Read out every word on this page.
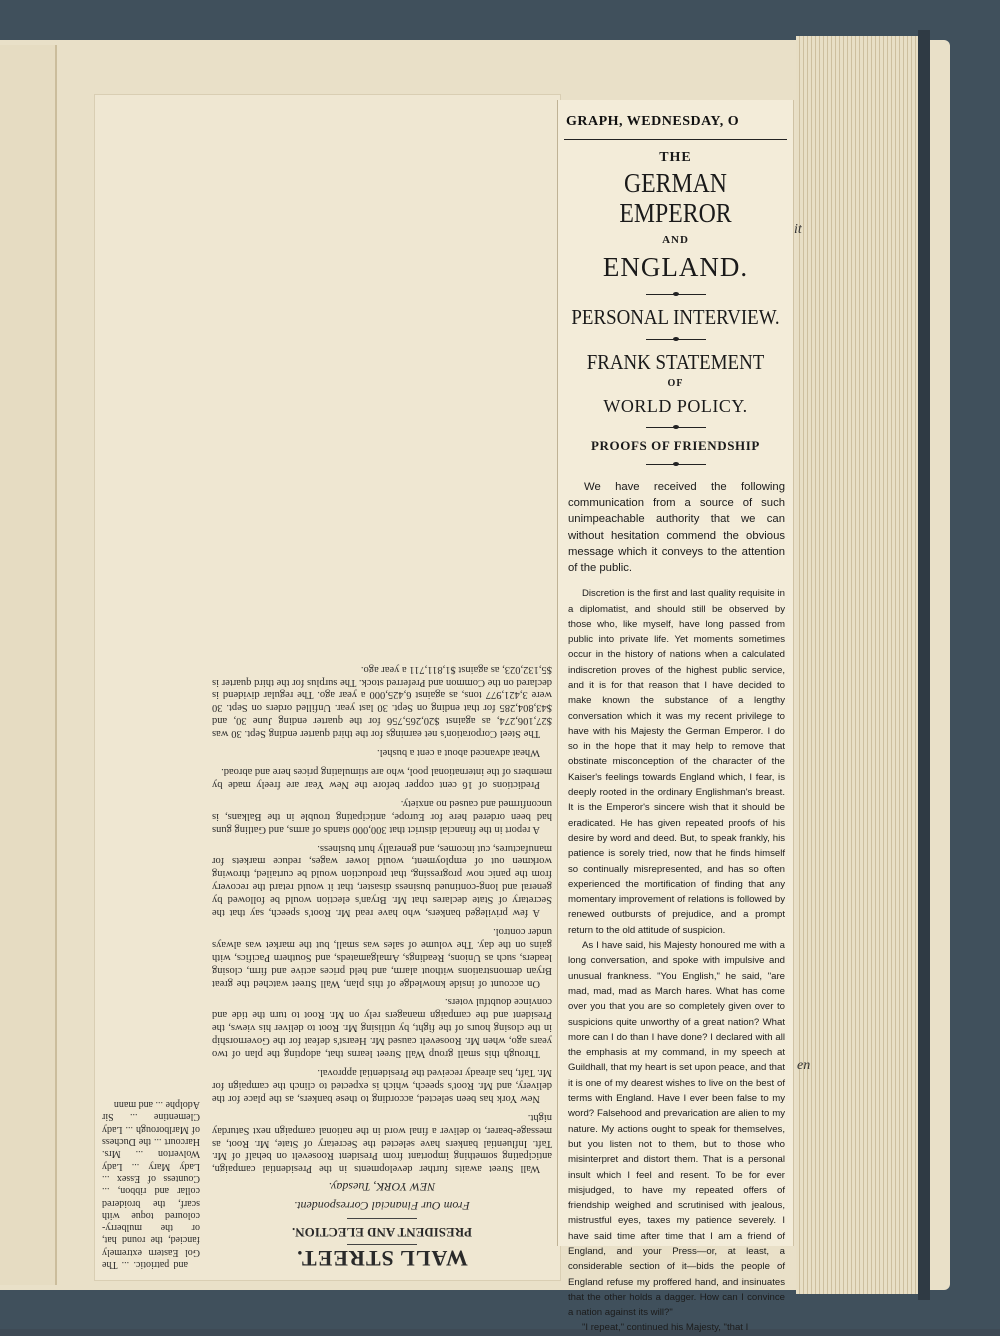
it
en
WALL STREET.
PRESIDENT AND ELECTION.
From Our Financial Correspondent.
NEW YORK, Tuesday.

Wall Street awaits further developments in the Presidential campaign, anticipating something important from President Roosevelt on behalf of Mr. Taft. Influential bankers have selected the Secretary of State, Mr. Root, as message-bearer, to deliver a final word in the national campaign next Saturday night.

New York has been selected, according to these bankers, as the place for the delivery, and Mr. Root's speech, which is expected to clinch the campaign for Mr. Taft, has already received the Presidential approval.

Through this small group Wall Street learns that, adopting the plan of two years ago, when Mr. Roosevelt caused Mr. Hearst's defeat for the Governorship in the closing hours of the fight, by utilising Mr. Root to deliver his views, the President and the campaign managers rely on Mr. Root to turn the tide and convince doubtful voters.

On account of inside knowledge of this plan, Wall Street watched the great Bryan demonstrations without alarm, and held prices active and firm, closing leaders, such as Unions, Readings, Amalgamateds, and Southern Pacifics, with gains on the day. The volume of sales was small, but the market was always under control.

A few privileged bankers, who have read Mr. Root's speech, say that the Secretary of State declares that Mr. Bryan's election would be followed by general and long-continued business disaster, that it would retard the recovery from the panic now progressing, that production would be curtailed, throwing workmen out of employment, would lower wages, reduce markets for manufactures, cut incomes, and generally hurt business.

A report in the financial district that 300,000 stands of arms, and Gatling guns had been ordered here for Europe, anticipating trouble in the Balkans, is unconfirmed and caused no anxiety.

Predictions of 16 cent copper before the New Year are freely made by members of the international pool, who are stimulating prices here and abroad.

Wheat advanced about a cent a bushel.

The Steel Corporation's net earnings for the third quarter ending Sept. 30 was $27,106,274, as against $20,265,756 for the quarter ending June 30, and $43,804,285 for that ending on Sept. 30 last year. Unfilled orders on Sept. 30 were 3,421,977 tons, as against 6,425,000 a year ago. The regular dividend is declared on the Common and Preferred stock. The surplus for the third quarter is $5,132,023, as against $1,811,711 a year ago.

and patriotic. ... The Gol Eastern extremely fancied, the round hat, or the mulberry-coloured toque with scarf, the broidered collar and ribbon, ... Countess of Essex ... Lady Mary ... Lady Wolverton ... Mrs. Harcourt ... the Duchess of Marlborough ... Lady Clementine ... Sir Adolphe ... and mann

GRAPH, WEDNESDAY, O
THE
GERMAN EMPEROR
AND
ENGLAND.
PERSONAL INTERVIEW.
FRANK STATEMENT
OF
WORLD POLICY.
PROOFS OF FRIENDSHIP
We have received the following communication from a source of such unimpeachable authority that we can without hesitation commend the obvious message which it conveys to the attention of the public.

Discretion is the first and last quality requisite in a diplomatist, and should still be observed by those who, like myself, have long passed from public into private life. Yet moments sometimes occur in the history of nations when a calculated indiscretion proves of the highest public service, and it is for that reason that I have decided to make known the substance of a lengthy conversation which it was my recent privilege to have with his Majesty the German Emperor. I do so in the hope that it may help to remove that obstinate misconception of the character of the Kaiser's feelings towards England which, I fear, is deeply rooted in the ordinary Englishman's breast. It is the Emperor's sincere wish that it should be eradicated. He has given repeated proofs of his desire by word and deed. But, to speak frankly, his patience is sorely tried, now that he finds himself so continually misrepresented, and has so often experienced the mortification of finding that any momentary improvement of relations is followed by renewed outbursts of prejudice, and a prompt return to the old attitude of suspicion.

As I have said, his Majesty honoured me with a long conversation, and spoke with impulsive and unusual frankness. "You English," he said, "are mad, mad, mad as March hares. What has come over you that you are so completely given over to suspicions quite unworthy of a great nation? What more can I do than I have done? I declared with all the emphasis at my command, in my speech at Guildhall, that my heart is set upon peace, and that it is one of my dearest wishes to live on the best of terms with England. Have I ever been false to my word? Falsehood and prevarication are alien to my nature. My actions ought to speak for themselves, but you listen not to them, but to those who misinterpret and distort them. That is a personal insult which I feel and resent. To be for ever misjudged, to have my repeated offers of friendship weighed and scrutinised with jealous, mistrustful eyes, taxes my patience severely. I have said time after time that I am a friend of England, and your Press—or, at least, a considerable section of it—bids the people of England refuse my proffered hand, and insinuates that the other holds a dagger. How can I convince a nation against its will?"

"I repeat," continued his Majesty, "that I
